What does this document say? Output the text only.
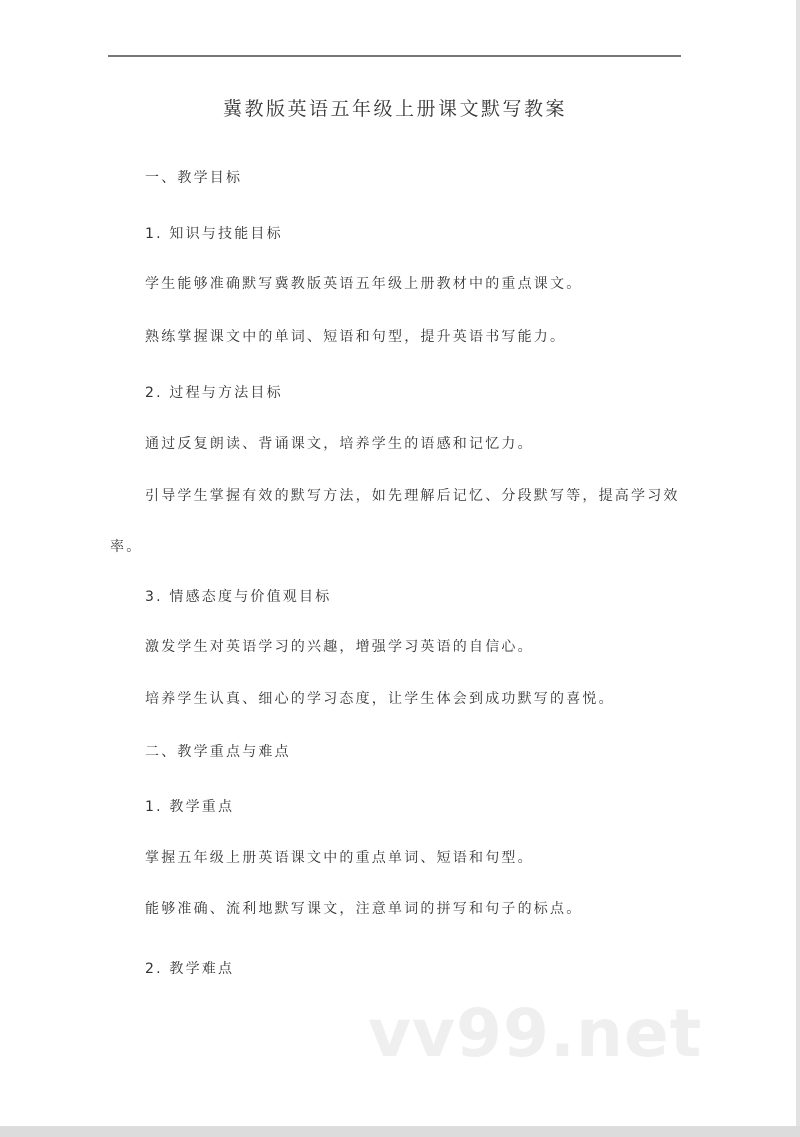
冀教版英语五年级上册课文默写教案
一、教学目标
1. 知识与技能目标
学生能够准确默写冀教版英语五年级上册教材中的重点课文。
熟练掌握课文中的单词、短语和句型，提升英语书写能力。
2. 过程与方法目标
通过反复朗读、背诵课文，培养学生的语感和记忆力。
引导学生掌握有效的默写方法，如先理解后记忆、分段默写等，提高学习效率。
3. 情感态度与价值观目标
激发学生对英语学习的兴趣，增强学习英语的自信心。
培养学生认真、细心的学习态度，让学生体会到成功默写的喜悦。
二、教学重点与难点
1. 教学重点
掌握五年级上册英语课文中的重点单词、短语和句型。
能够准确、流利地默写课文，注意单词的拼写和句子的标点。
2. 教学难点
vv99.net
